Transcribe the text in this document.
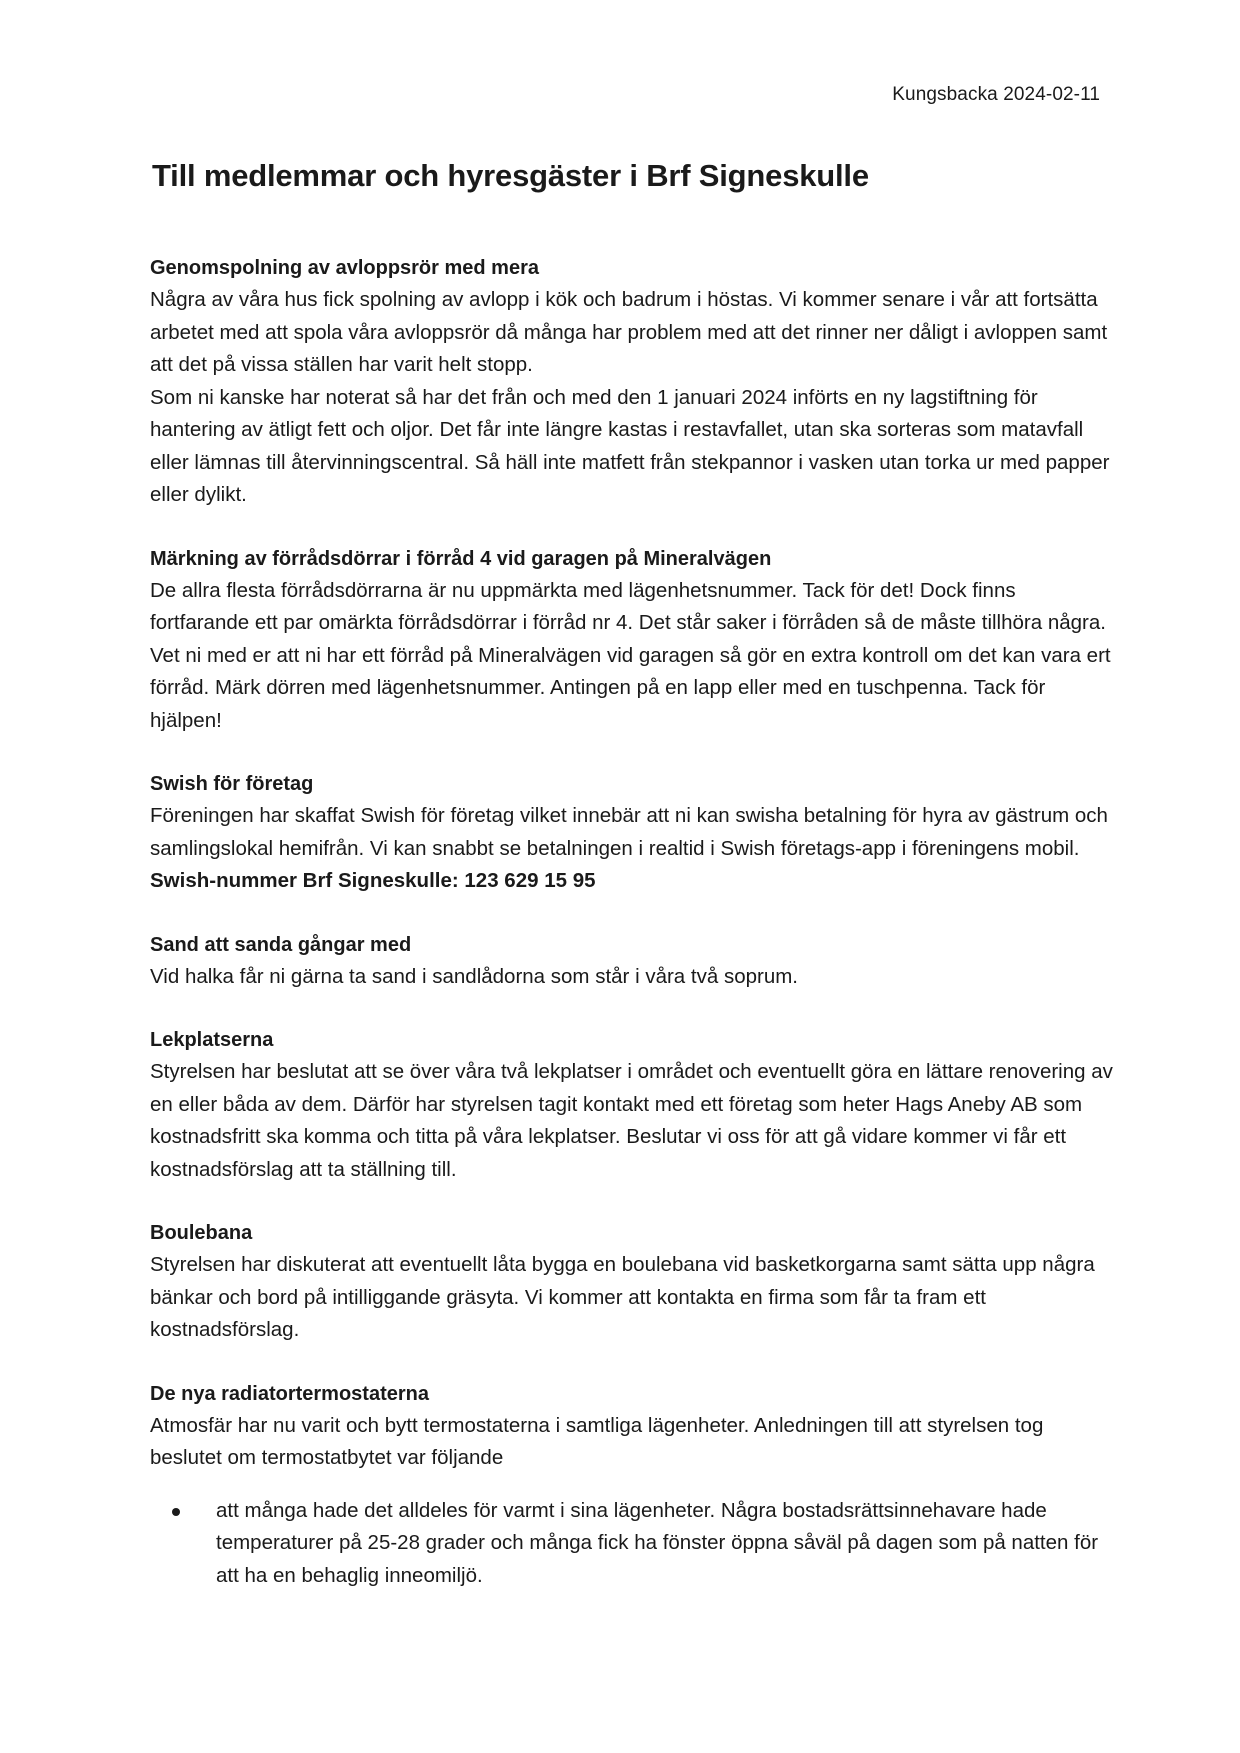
Kungsbacka 2024-02-11
Till medlemmar och hyresgäster i Brf Signeskulle
Genomspolning av avloppsrör med mera

Några av våra hus fick spolning av avlopp i kök och badrum i höstas. Vi kommer senare i vår att fortsätta arbetet med att spola våra avloppsrör då många har problem med att det rinner ner dåligt i avloppen samt att det på vissa ställen har varit helt stopp.

Som ni kanske har noterat så har det från och med den 1 januari 2024 införts en ny lagstiftning för hantering av ätligt fett och oljor. Det får inte längre kastas i restavfallet, utan ska sorteras som matavfall eller lämnas till återvinningscentral. Så häll inte matfett från stekpannor i vasken utan torka ur med papper eller dylikt.

Märkning av förrådsdörrar i förråd 4 vid garagen på Mineralvägen

De allra flesta förrådsdörrarna är nu uppmärkta med lägenhetsnummer. Tack för det! Dock finns fortfarande ett par omärkta förrådsdörrar i förråd nr 4. Det står saker i förråden så de måste tillhöra några. Vet ni med er att ni har ett förråd på Mineralvägen vid garagen så gör en extra kontroll om det kan vara ert förråd. Märk dörren med lägenhetsnummer. Antingen på en lapp eller med en tuschpenna. Tack för hjälpen!

Swish för företag

Föreningen har skaffat Swish för företag vilket innebär att ni kan swisha betalning för hyra av gästrum och samlingslokal hemifrån. Vi kan snabbt se betalningen i realtid i Swish företags-app i föreningens mobil.

Swish-nummer Brf Signeskulle: 123 629 15 95

Sand att sanda gångar med

Vid halka får ni gärna ta sand i sandlådorna som står i våra två soprum.

Lekplatserna

Styrelsen har beslutat att se över våra två lekplatser i området och eventuellt göra en lättare renovering av en eller båda av dem. Därför har styrelsen tagit kontakt med ett företag som heter Hags Aneby AB som kostnadsfritt ska komma och titta på våra lekplatser. Beslutar vi oss för att gå vidare kommer vi får ett kostnadsförslag att ta ställning till.

Boulebana

Styrelsen har diskuterat att eventuellt låta bygga en boulebana vid basketkorgarna samt sätta upp några bänkar och bord på intilliggande gräsyta. Vi kommer att kontakta en firma som får ta fram ett kostnadsförslag.

De nya radiatortermostaterna

Atmosfär har nu varit och bytt termostaterna i samtliga lägenheter. Anledningen till att styrelsen tog beslutet om termostatbytet var följande

att många hade det alldeles för varmt i sina lägenheter. Några bostadsrättsinnehavare hade temperaturer på 25-28 grader och många fick ha fönster öppna såväl på dagen som på natten för att ha en behaglig inneomiljö.
